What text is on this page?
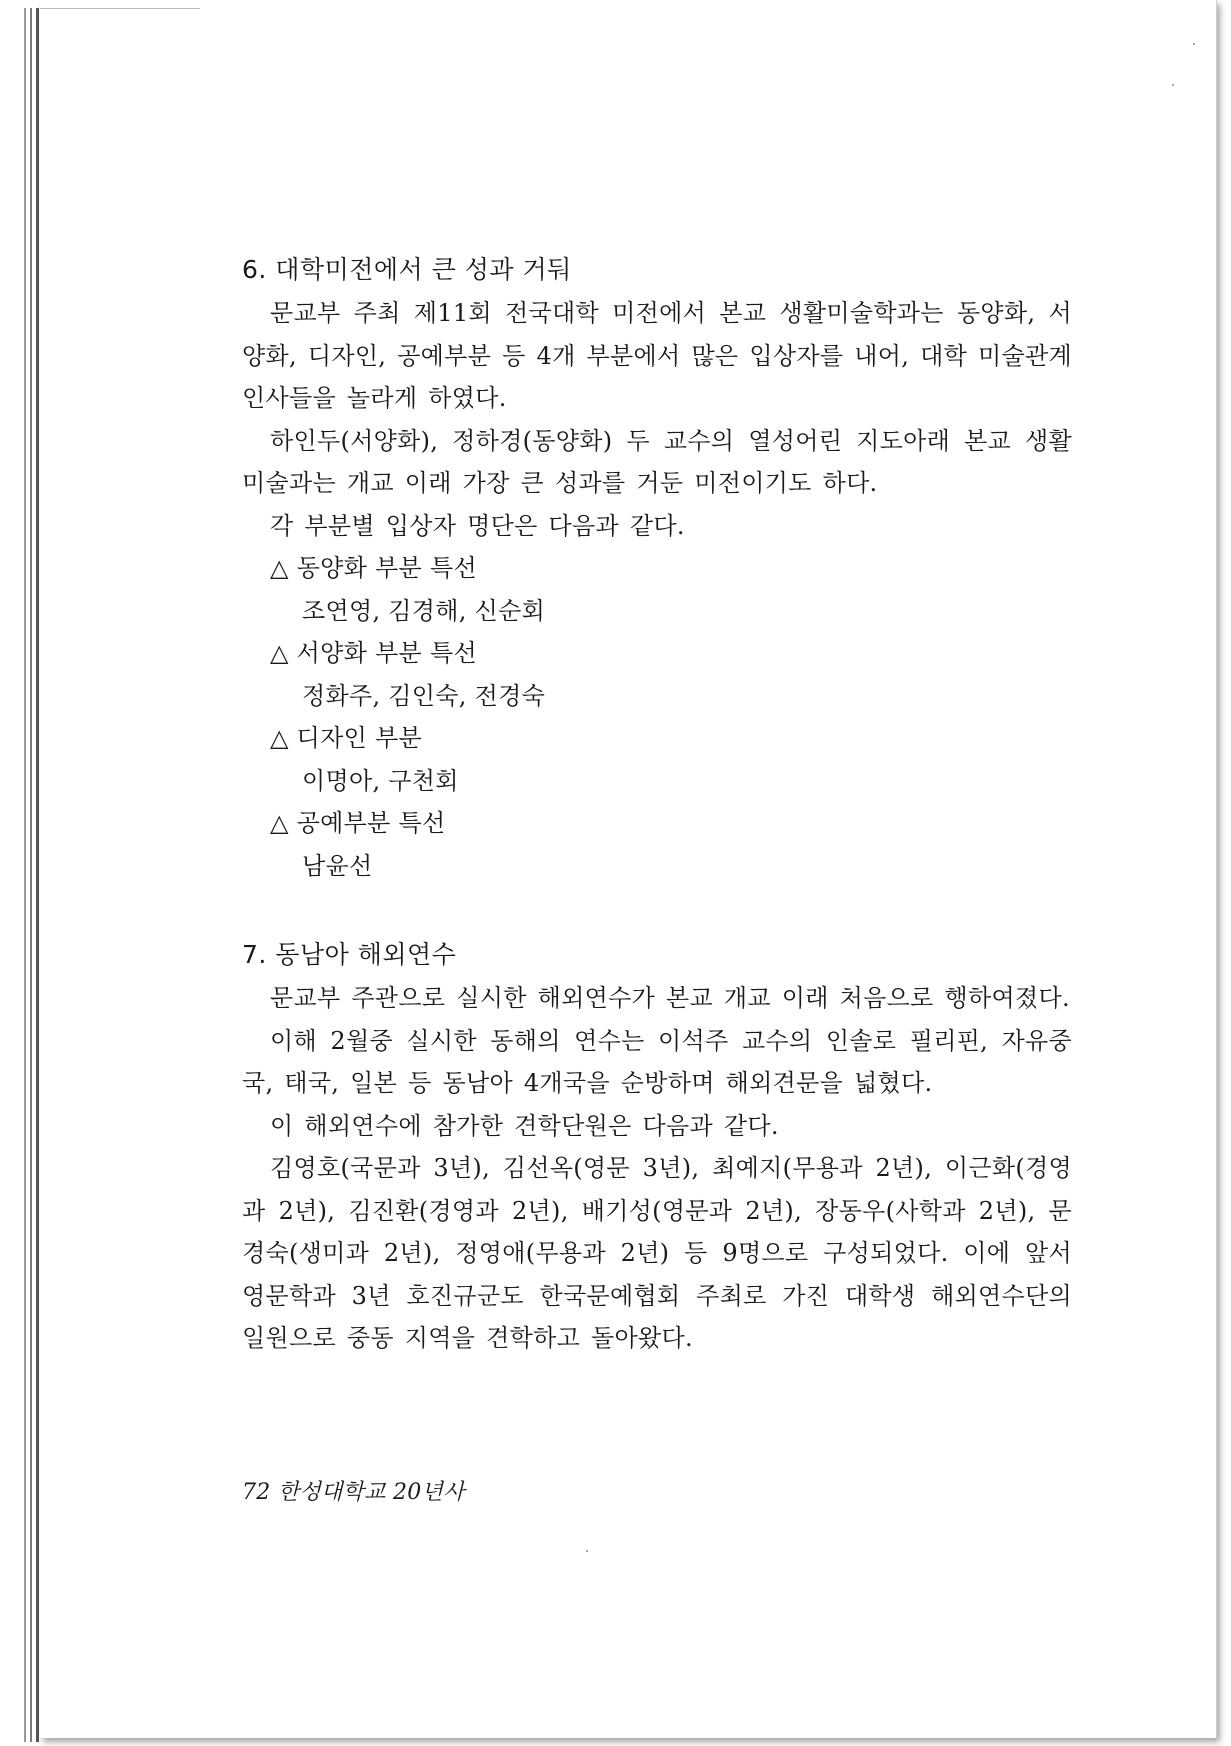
6. 대학미전에서 큰 성과 거둬

문교부 주최 제11회 전국대학 미전에서 본교 생활미술학과는 동양화, 서양화, 디자인, 공예부분 등 4개 부분에서 많은 입상자를 내어, 대학 미술관계 인사들을 놀라게 하였다.

하인두(서양화), 정하경(동양화) 두 교수의 열성어린 지도아래 본교 생활미술과는 개교 이래 가장 큰 성과를 거둔 미전이기도 하다.

각 부분별 입상자 명단은 다음과 같다.

△ 동양화 부분 특선

조연영, 김경해, 신순회

△ 서양화 부분 특선

정화주, 김인숙, 전경숙

△ 디자인 부분

이명아, 구천회

△ 공예부분 특선

남윤선

7. 동남아 해외연수

문교부 주관으로 실시한 해외연수가 본교 개교 이래 처음으로 행하여졌다.

이해 2월중 실시한 동해의 연수는 이석주 교수의 인솔로 필리핀, 자유중국, 태국, 일본 등 동남아 4개국을 순방하며 해외견문을 넓혔다.

이 해외연수에 참가한 견학단원은 다음과 같다.

김영호(국문과 3년), 김선옥(영문 3년), 최예지(무용과 2년), 이근화(경영과 2년), 김진환(경영과 2년), 배기성(영문과 2년), 장동우(사학과 2년), 문경숙(생미과 2년), 정영애(무용과 2년) 등 9명으로 구성되었다. 이에 앞서 영문학과 3년 호진규군도 한국문예협회 주최로 가진 대학생 해외연수단의 일원으로 중동 지역을 견학하고 돌아왔다.

72 한성대학교 20년사
